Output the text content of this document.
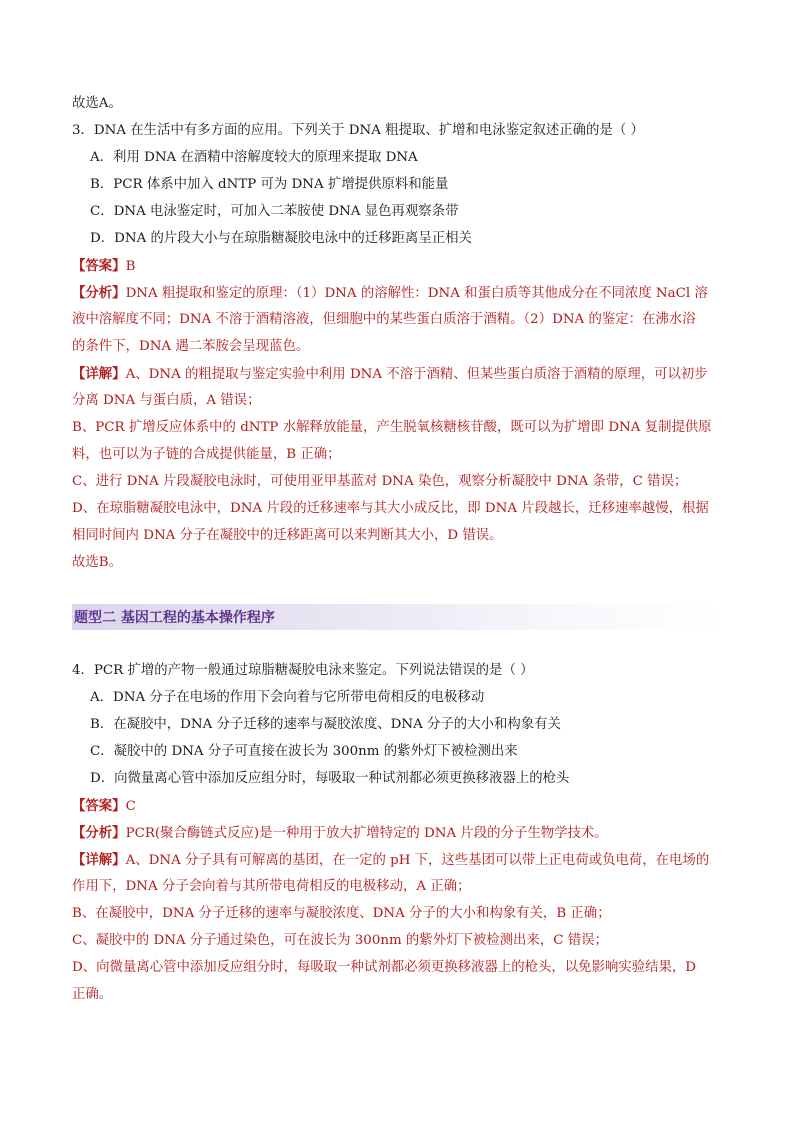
故选A。
3．DNA 在生活中有多方面的应用。下列关于 DNA 粗提取、扩增和电泳鉴定叙述正确的是（ ）
A．利用 DNA 在酒精中溶解度较大的原理来提取 DNA
B．PCR 体系中加入 dNTP 可为 DNA 扩增提供原料和能量
C．DNA 电泳鉴定时，可加入二苯胺使 DNA 显色再观察条带
D．DNA 的片段大小与在琼脂糖凝胶电泳中的迁移距离呈正相关
【答案】B
【分析】DNA 粗提取和鉴定的原理：（1）DNA 的溶解性：DNA 和蛋白质等其他成分在不同浓度 NaCl 溶
液中溶解度不同；DNA 不溶于酒精溶液，但细胞中的某些蛋白质溶于酒精。（2）DNA 的鉴定：在沸水浴
的条件下，DNA 遇二苯胺会呈现蓝色。
【详解】A、DNA 的粗提取与鉴定实验中利用 DNA 不溶于酒精、但某些蛋白质溶于酒精的原理，可以初步
分离 DNA 与蛋白质，A 错误；
B、PCR 扩增反应体系中的 dNTP 水解释放能量，产生脱氧核糖核苷酸，既可以为扩增即 DNA 复制提供原
料，也可以为子链的合成提供能量，B 正确；
C、进行 DNA 片段凝胶电泳时，可使用亚甲基蓝对 DNA 染色，观察分析凝胶中 DNA 条带，C 错误；
D、在琼脂糖凝胶电泳中，DNA 片段的迁移速率与其大小成反比，即 DNA 片段越长，迁移速率越慢，根据
相同时间内 DNA 分子在凝胶中的迁移距离可以来判断其大小，D 错误。
故选B。
题型二 基因工程的基本操作程序
4．PCR 扩增的产物一般通过琼脂糖凝胶电泳来鉴定。下列说法错误的是（ ）
A．DNA 分子在电场的作用下会向着与它所带电荷相反的电极移动
B．在凝胶中，DNA 分子迁移的速率与凝胶浓度、DNA 分子的大小和构象有关
C．凝胶中的 DNA 分子可直接在波长为 300nm 的紫外灯下被检测出来
D．向微量离心管中添加反应组分时，每吸取一种试剂都必须更换移液器上的枪头
【答案】C
【分析】PCR(聚合酶链式反应)是一种用于放大扩增特定的 DNA 片段的分子生物学技术。
【详解】A、DNA 分子具有可解离的基团，在一定的 pH 下，这些基团可以带上正电荷或负电荷，在电场的
作用下，DNA 分子会向着与其所带电荷相反的电极移动，A 正确；
B、在凝胶中，DNA 分子迁移的速率与凝胶浓度、DNA 分子的大小和构象有关，B 正确；
C、凝胶中的 DNA 分子通过染色，可在波长为 300nm 的紫外灯下被检测出来，C 错误；
D、向微量离心管中添加反应组分时，每吸取一种试剂都必须更换移液器上的枪头，以免影响实验结果，D
正确。
